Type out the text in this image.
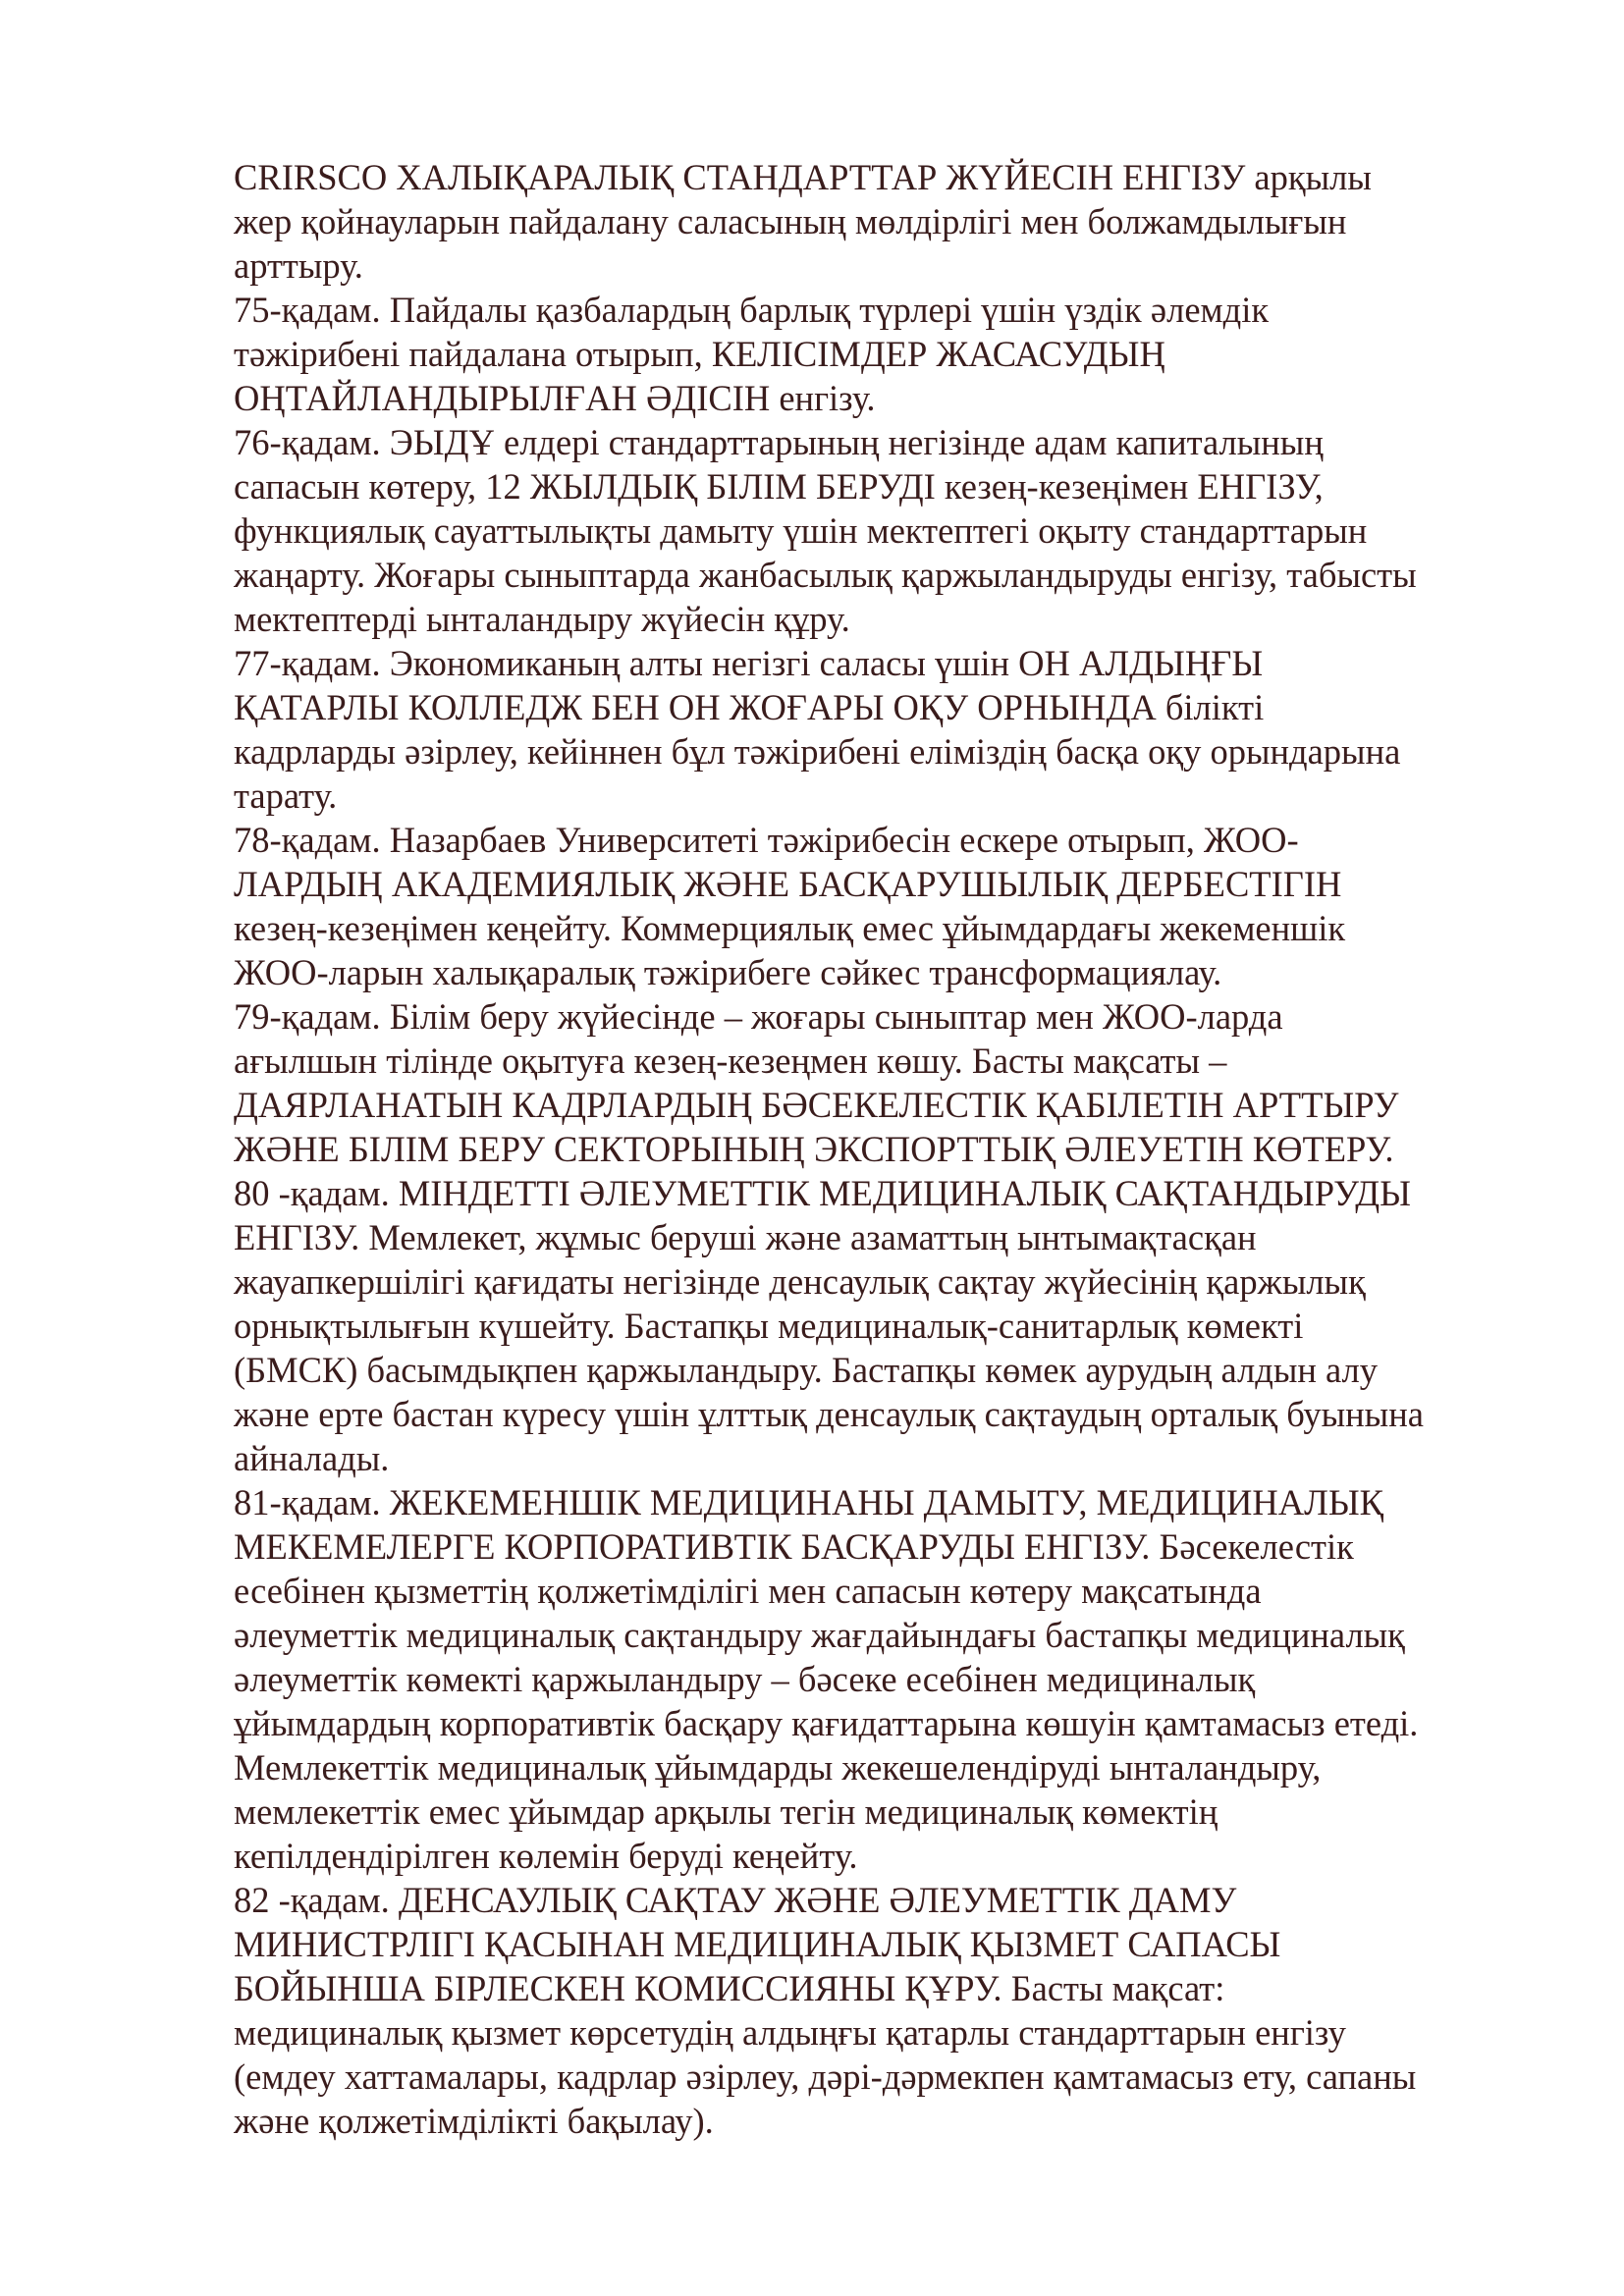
CRIRSCO ХАЛЫҚАРАЛЫҚ СТАНДАРТТАР ЖҮЙЕСІН ЕНГІЗУ арқылы
жер қойнауларын пайдалану саласының мөлдірлігі мен болжамдылығын
арттыру.
75-қадам. Пайдалы қазбалардың барлық түрлері үшін үздік әлемдік
тәжірибені пайдалана отырып, КЕЛІСІМДЕР ЖАСАСУДЫҢ
ОҢТАЙЛАНДЫРЫЛҒАН ӘДІСІН енгізу.
76-қадам. ЭЫДҰ елдері стандарттарының негізінде адам капиталының
сапасын көтеру, 12 ЖЫЛДЫҚ БІЛІМ БЕРУДІ кезең-кезеңімен ЕНГІЗУ,
функциялық сауаттылықты дамыту үшін мектептегі оқыту стандарттарын
жаңарту. Жоғары сыныптарда жанбасылық қаржыландыруды енгізу, табысты
мектептерді ынталандыру жүйесін құру.
77-қадам. Экономиканың алты негізгі саласы үшін ОН АЛДЫҢҒЫ
ҚАТАРЛЫ КОЛЛЕДЖ БЕН ОН ЖОҒАРЫ ОҚУ ОРНЫНДА білікті
кадрларды әзірлеу, кейіннен бұл тәжірибені еліміздің басқа оқу орындарына
тарату.
78-қадам. Назарбаев Университеті тәжірибесін ескере отырып, ЖОО-
ЛАРДЫҢ АКАДЕМИЯЛЫҚ ЖӘНЕ БАСҚАРУШЫЛЫҚ ДЕРБЕСТІГІН
кезең-кезеңімен кеңейту. Коммерциялық емес ұйымдардағы жекеменшік
ЖОО-ларын халықаралық тәжірибеге сәйкес трансформациялау.
79-қадам. Білім беру жүйесінде – жоғары сыныптар мен ЖОО-ларда
ағылшын тілінде оқытуға кезең-кезеңмен көшу. Басты мақсаты –
ДАЯРЛАНАТЫН КАДРЛАРДЫҢ БӘСЕКЕЛЕСТІК ҚАБІЛЕТІН АРТТЫРУ
ЖӘНЕ БІЛІМ БЕРУ СЕКТОРЫНЫҢ ЭКСПОРТТЫҚ ӘЛЕУЕТІН КӨТЕРУ.
80 -қадам. МІНДЕТТІ ӘЛЕУМЕТТІК МЕДИЦИНАЛЫҚ САҚТАНДЫРУДЫ
ЕНГІЗУ. Мемлекет, жұмыс беруші және азаматтың ынтымақтасқан
жауапкершілігі қағидаты негізінде денсаулық сақтау жүйесінің қаржылық
орнықтылығын күшейту. Бастапқы медициналық-санитарлық көмекті
(БМСК) басымдықпен қаржыландыру. Бастапқы көмек аурудың алдын алу
және ерте бастан күресу үшін ұлттық денсаулық сақтаудың орталық буынына
айналады.
81-қадам. ЖЕКЕМЕНШІК МЕДИЦИНАНЫ ДАМЫТУ, МЕДИЦИНАЛЫҚ
МЕКЕМЕЛЕРГЕ КОРПОРАТИВТІК БАСҚАРУДЫ ЕНГІЗУ. Бәсекелестік
есебінен қызметтің қолжетімділігі мен сапасын көтеру мақсатында
әлеуметтік медициналық сақтандыру жағдайындағы бастапқы медициналық
әлеуметтік көмекті қаржыландыру – бәсеке есебінен медициналық
ұйымдардың корпоративтік басқару қағидаттарына көшуін қамтамасыз етеді.
Мемлекеттік медициналық ұйымдарды жекешелендіруді ынталандыру,
мемлекеттік емес ұйымдар арқылы тегін медициналық көмектің
кепілдендірілген көлемін беруді кеңейту.
82 -қадам. ДЕНСАУЛЫҚ САҚТАУ ЖӘНЕ ӘЛЕУМЕТТІК ДАМУ
МИНИСТРЛІГІ ҚАСЫНАН МЕДИЦИНАЛЫҚ ҚЫЗМЕТ САПАСЫ
БОЙЫНША БІРЛЕСКЕН КОМИССИЯНЫ ҚҰРУ. Басты мақсат:
медициналық қызмет көрсетудің алдыңғы қатарлы стандарттарын енгізу
(емдеу хаттамалары, кадрлар әзірлеу, дәрі-дәрмекпен қамтамасыз ету, сапаны
және қолжетімділікті бақылау).
